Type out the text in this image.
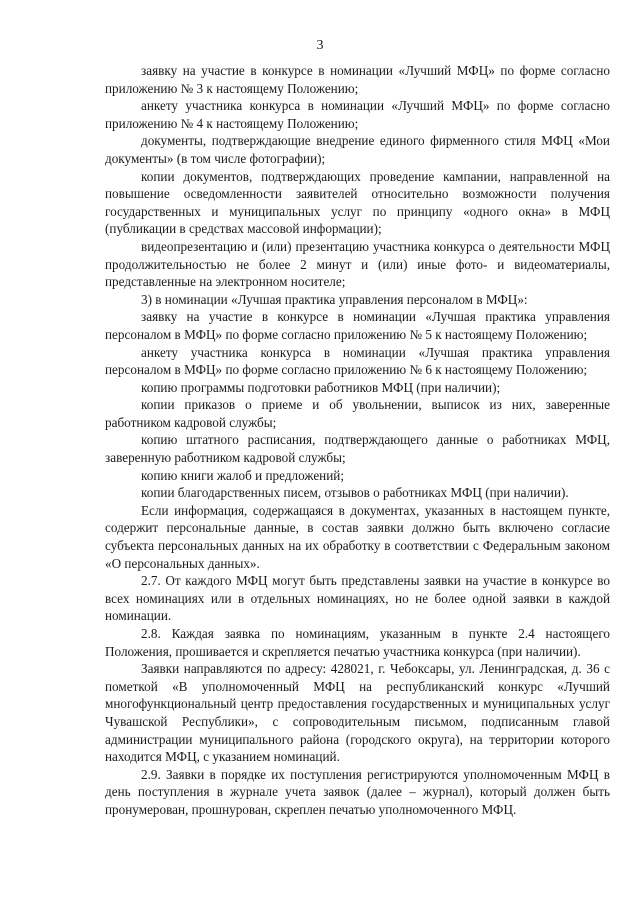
3

заявку на участие в конкурсе в номинации «Лучший МФЦ» по форме согласно приложению № 3 к настоящему Положению;

анкету участника конкурса в номинации «Лучший МФЦ» по форме согласно приложению № 4 к настоящему Положению;

документы, подтверждающие внедрение единого фирменного стиля МФЦ «Мои документы» (в том числе фотографии);

копии документов, подтверждающих проведение кампании, направленной на повышение осведомленности заявителей относительно возможности получения государственных и муниципальных услуг по принципу «одного окна» в МФЦ (публикации в средствах массовой информации);

видеопрезентацию и (или) презентацию участника конкурса о деятельности МФЦ продолжительностью не более 2 минут и (или) иные фото- и видеоматериалы, представленные на электронном носителе;

3) в номинации «Лучшая практика управления персоналом в МФЦ»:

заявку на участие в конкурсе в номинации «Лучшая практика управления персоналом в МФЦ» по форме согласно приложению № 5 к настоящему Положению;

анкету участника конкурса в номинации «Лучшая практика управления персоналом в МФЦ» по форме согласно приложению № 6 к настоящему Положению;

копию программы подготовки работников МФЦ (при наличии);

копии приказов о приеме и об увольнении, выписок из них, заверенные работником кадровой службы;

копию штатного расписания, подтверждающего данные о работниках МФЦ, заверенную работником кадровой службы;

копию книги жалоб и предложений;

копии благодарственных писем, отзывов о работниках МФЦ (при наличии).

Если информация, содержащаяся в документах, указанных в настоящем пункте, содержит персональные данные, в состав заявки должно быть включено согласие субъекта персональных данных на их обработку в соответствии с Федеральным законом «О персональных данных».

2.7. От каждого МФЦ могут быть представлены заявки на участие в конкурсе во всех номинациях или в отдельных номинациях, но не более одной заявки в каждой номинации.

2.8. Каждая заявка по номинациям, указанным в пункте 2.4 настоящего Положения, прошивается и скрепляется печатью участника конкурса (при наличии).

Заявки направляются по адресу: 428021, г. Чебоксары, ул. Ленинградская, д. 36 с пометкой «В уполномоченный МФЦ на республиканский конкурс «Лучший многофункциональный центр предоставления государственных и муниципальных услуг Чувашской Республики», с сопроводительным письмом, подписанным главой администрации муниципального района (городского округа), на территории которого находится МФЦ, с указанием номинаций.

2.9. Заявки в порядке их поступления регистрируются уполномоченным МФЦ в день поступления в журнале учета заявок (далее – журнал), который должен быть пронумерован, прошнурован, скреплен печатью уполномоченного МФЦ.
